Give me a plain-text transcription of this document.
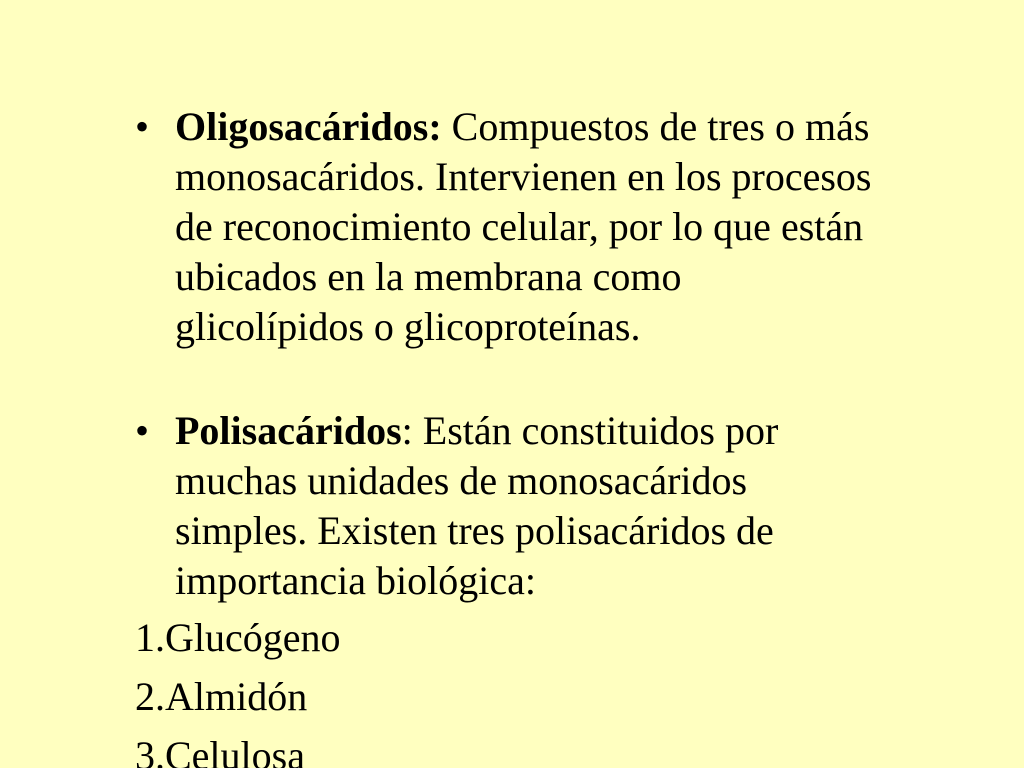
• Oligosacáridos: Compuestos de tres o más monosacáridos. Intervienen en los procesos de reconocimiento celular, por lo que están ubicados en la membrana como glicolípidos o glicoproteínas.
• Polisacáridos: Están constituidos por muchas unidades de monosacáridos simples. Existen tres polisacáridos de importancia biológica:
1.Glucógeno
2.Almidón
3.Celulosa
